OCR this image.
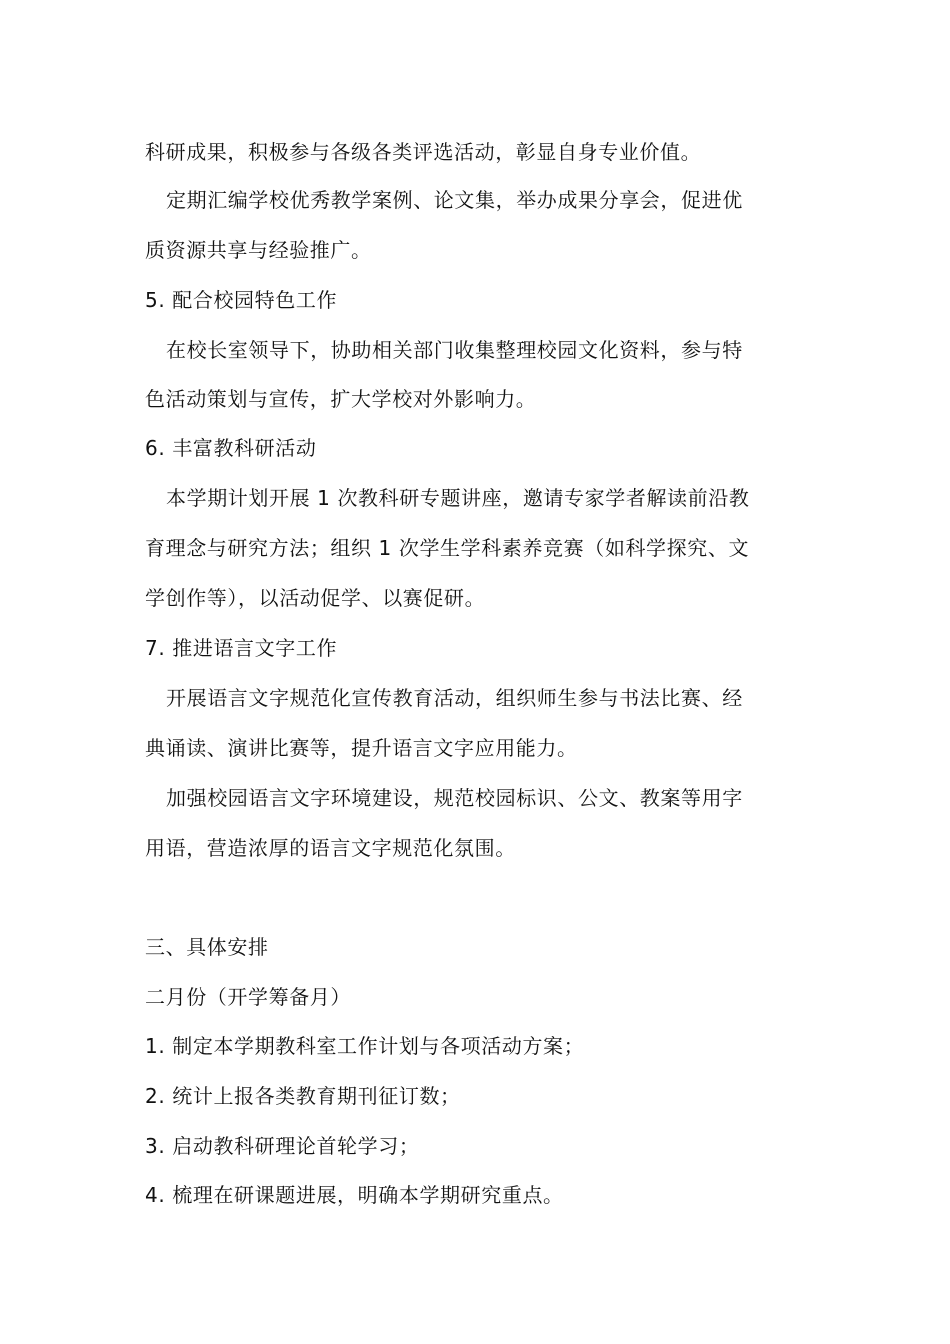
科研成果，积极参与各级各类评选活动，彰显自身专业价值。
定期汇编学校优秀教学案例、论文集，举办成果分享会，促进优
质资源共享与经验推广。
5. 配合校园特色工作
在校长室领导下，协助相关部门收集整理校园文化资料，参与特
色活动策划与宣传，扩大学校对外影响力。
6. 丰富教科研活动
本学期计划开展 1 次教科研专题讲座，邀请专家学者解读前沿教
育理念与研究方法；组织 1 次学生学科素养竞赛（如科学探究、文
学创作等），以活动促学、以赛促研。
7. 推进语言文字工作
开展语言文字规范化宣传教育活动，组织师生参与书法比赛、经
典诵读、演讲比赛等，提升语言文字应用能力。
加强校园语言文字环境建设，规范校园标识、公文、教案等用字
用语，营造浓厚的语言文字规范化氛围。
三、具体安排
二月份（开学筹备月）
1. 制定本学期教科室工作计划与各项活动方案；
2. 统计上报各类教育期刊征订数；
3. 启动教科研理论首轮学习；
4. 梳理在研课题进展，明确本学期研究重点。
